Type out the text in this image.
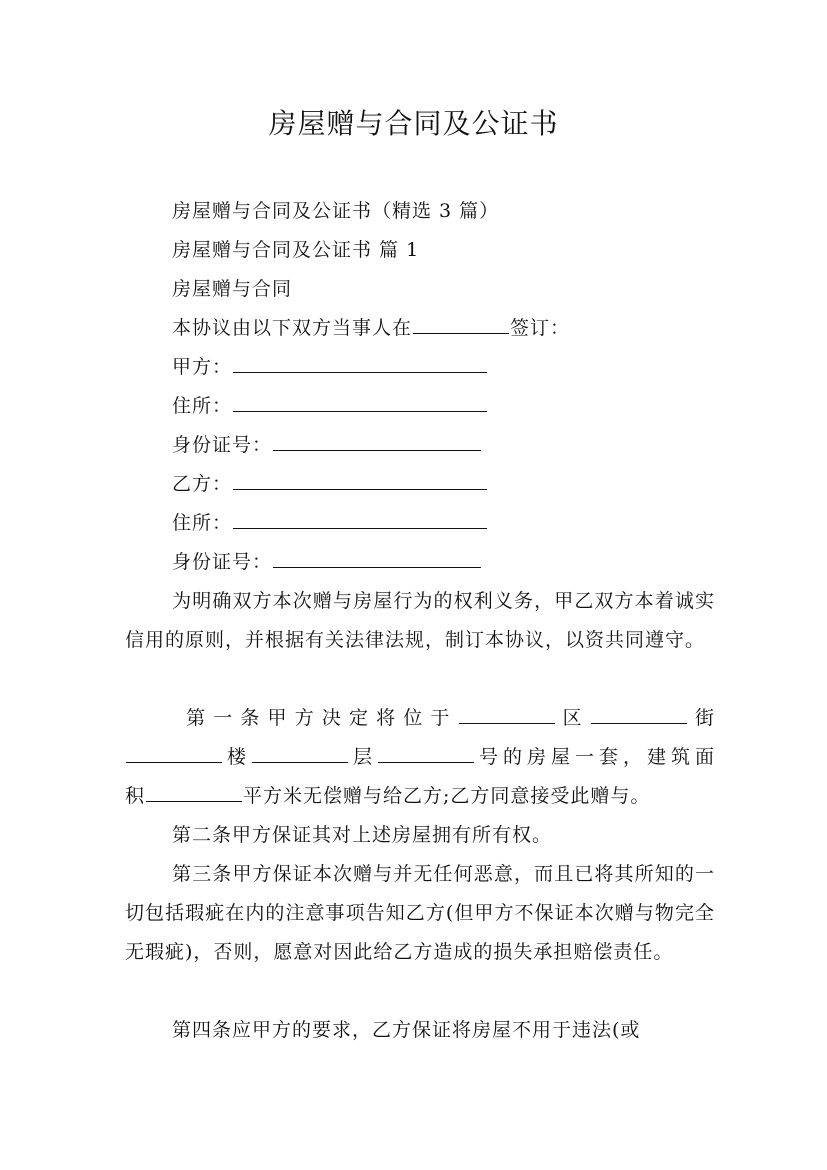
房屋赠与合同及公证书
房屋赠与合同及公证书（精选 3 篇）
房屋赠与合同及公证书 篇 1
房屋赠与合同
本协议由以下双方当事人在	签订：
甲方：
住所：
身份证号：
乙方：
住所：
身份证号：
为明确双方本次赠与房屋行为的权利义务，甲乙双方本着诚实信用的原则，并根据有关法律法规，制订本协议，以资共同遵守。
第一条甲方决定将位于	区	街
楼	层	号的房屋一套，建筑面
积	平方米无偿赠与给乙方;乙方同意接受此赠与。
第二条甲方保证其对上述房屋拥有所有权。
第三条甲方保证本次赠与并无任何恶意，而且已将其所知的一切包括瑕疵在内的注意事项告知乙方(但甲方不保证本次赠与物完全无瑕疵)，否则，愿意对因此给乙方造成的损失承担赔偿责任。
第四条应甲方的要求，乙方保证将房屋不用于违法(或
